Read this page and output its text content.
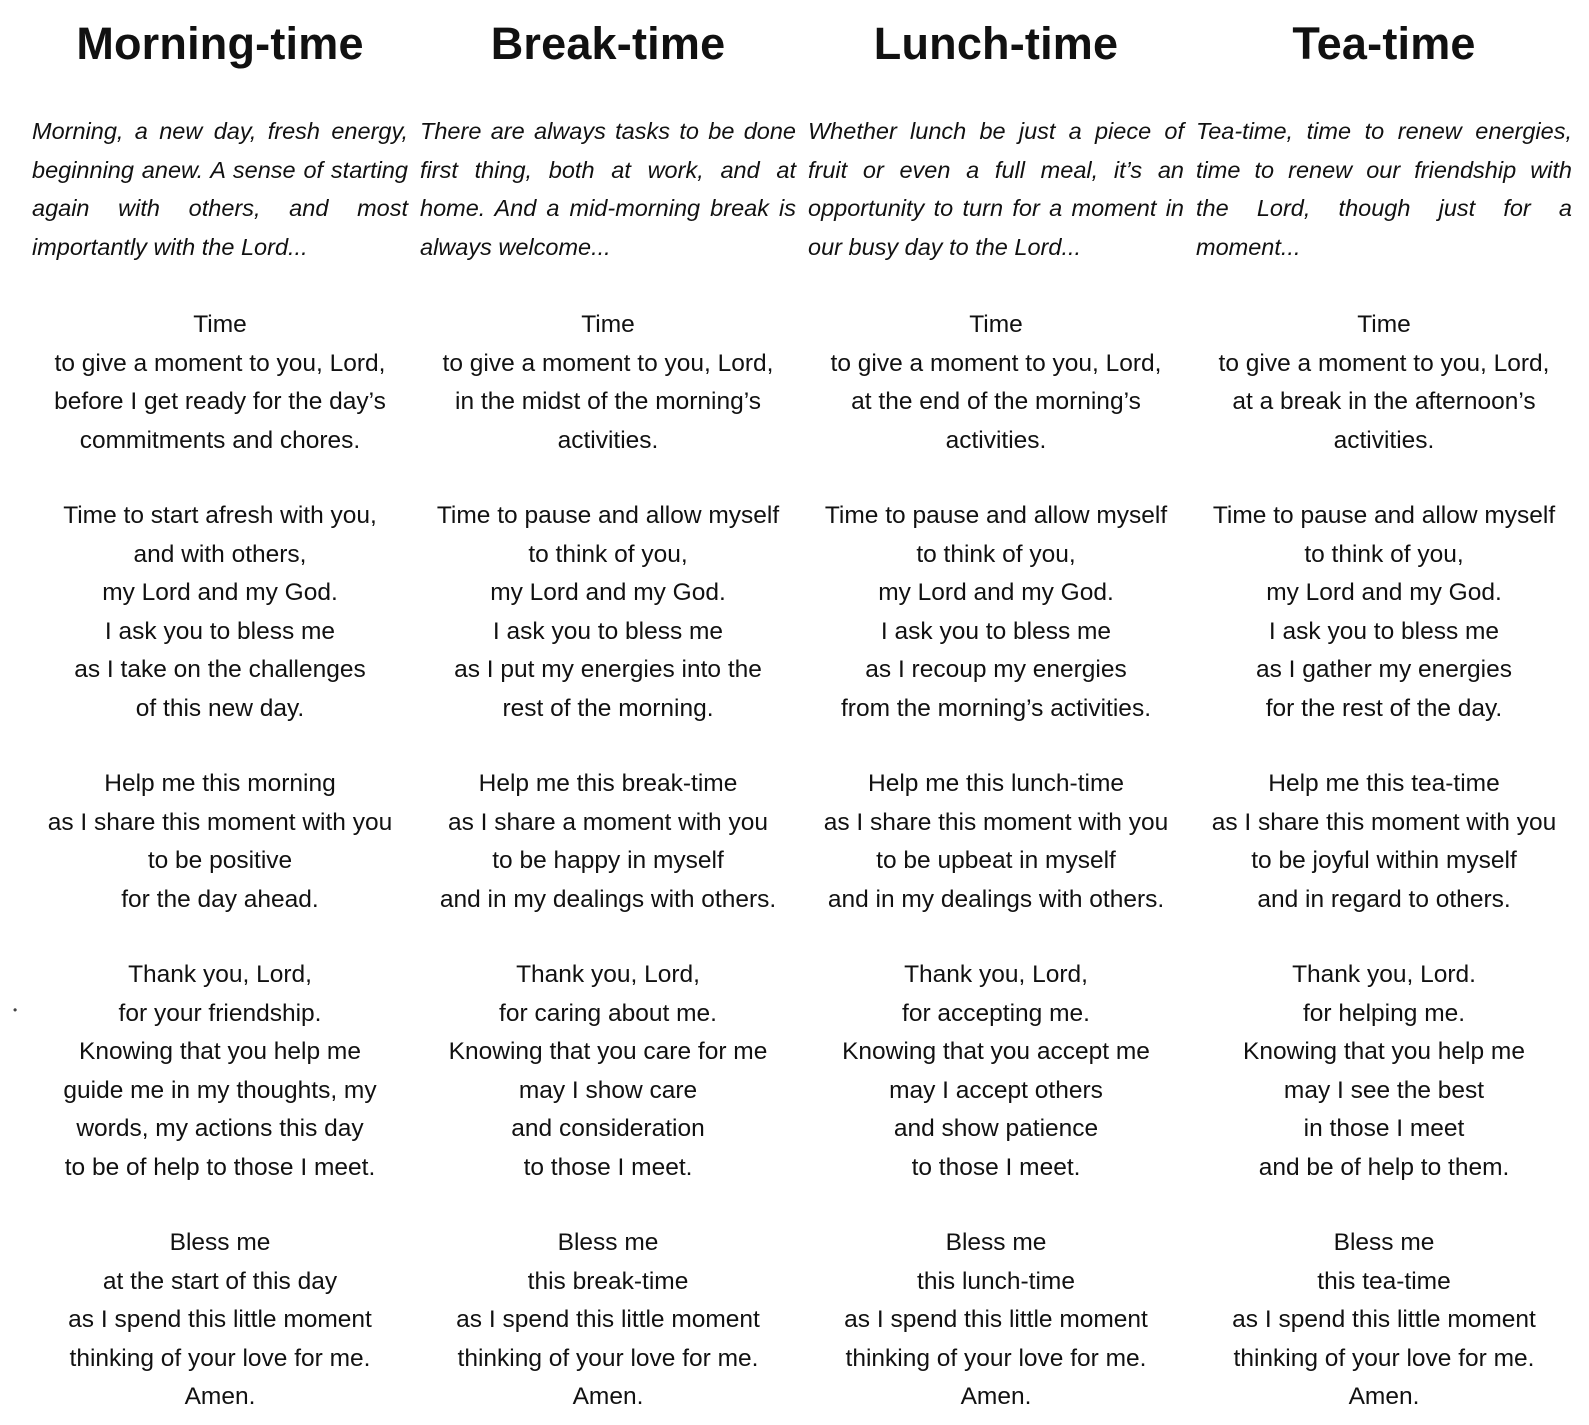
Morning-time

Morning, a new day, fresh energy, beginning anew. A sense of starting again with others, and most importantly with the Lord...

Time
to give a moment to you, Lord,
before I get ready for the day’s
commitments and chores.
Time to start afresh with you,
and with others,
my Lord and my God.
I ask you to bless me
as I take on the challenges
of this new day.
Help me this morning
as I share this moment with you
to be positive
for the day ahead.
Thank you, Lord,
for your friendship.
Knowing that you help me
guide me in my thoughts, my
words, my actions this day
to be of help to those I meet.
Bless me
at the start of this day
as I spend this little moment
thinking of your love for me.
Amen.
Break-time

There are always tasks to be done first thing, both at work, and at home. And a mid-morning break is always welcome...

Time
to give a moment to you, Lord,
in the midst of the morning’s
activities.
Time to pause and allow myself
to think of you,
my Lord and my God.
I ask you to bless me
as I put my energies into the
rest of the morning.
Help me this break-time
as I share a moment with you
to be happy in myself
and in my dealings with others.
Thank you, Lord,
for caring about me.
Knowing that you care for me
may I show care
and consideration
to those I meet.
Bless me
this break-time
as I spend this little moment
thinking of your love for me.
Amen.
Lunch-time

Whether lunch be just a piece of fruit or even a full meal, it’s an opportunity to turn for a moment in our busy day to the Lord...

Time
to give a moment to you, Lord,
at the end of the morning’s
activities.
Time to pause and allow myself
to think of you,
my Lord and my God.
I ask you to bless me
as I recoup my energies
from the morning’s activities.
Help me this lunch-time
as I share this moment with you
to be upbeat in myself
and in my dealings with others.
Thank you, Lord,
for accepting me.
Knowing that you accept me
may I accept others
and show patience
to those I meet.
Bless me
this lunch-time
as I spend this little moment
thinking of your love for me.
Amen.
Tea-time

Tea-time, time to renew energies, time to renew our friendship with the Lord, though just for a moment...

Time
to give a moment to you, Lord,
at a break in the afternoon’s
activities.
Time to pause and allow myself
to think of you,
my Lord and my God.
I ask you to bless me
as I gather my energies
for the rest of the day.
Help me this tea-time
as I share this moment with you
to be joyful within myself
and in regard to others.
Thank you, Lord.
for helping me.
Knowing that you help me
may I see the best
in those I meet
and be of help to them.
Bless me
this tea-time
as I spend this little moment
thinking of your love for me.
Amen.
•
